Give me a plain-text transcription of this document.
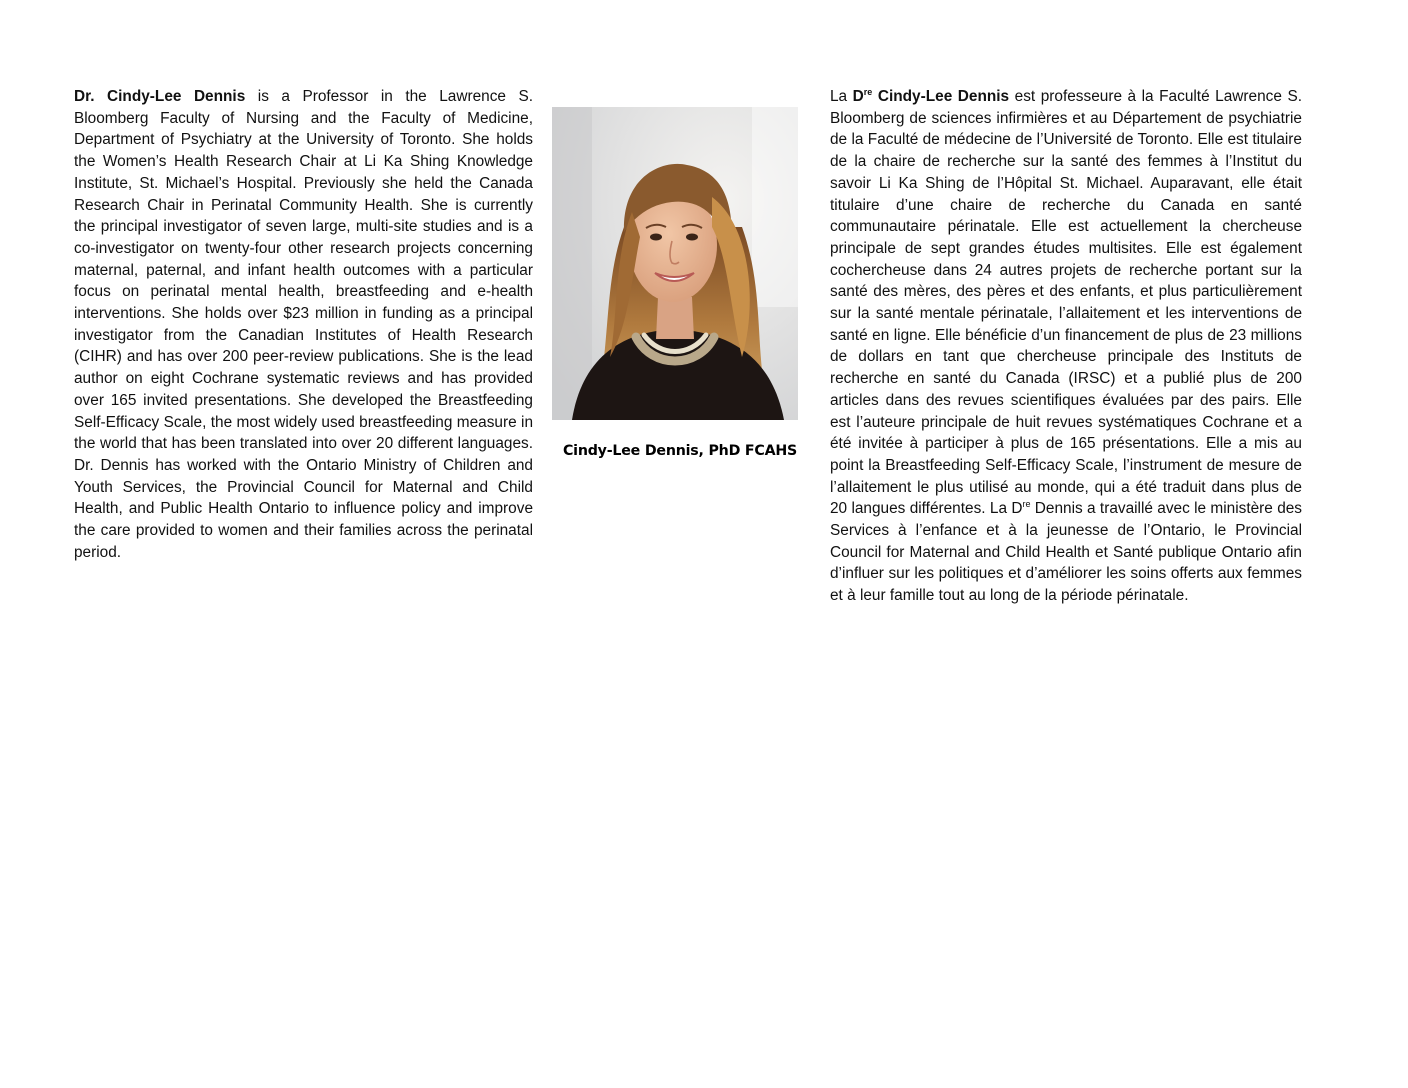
Dr. Cindy-Lee Dennis is a Professor in the Lawrence S. Bloomberg Faculty of Nursing and the Faculty of Medicine, Department of Psychiatry at the University of Toronto. She holds the Women’s Health Research Chair at Li Ka Shing Knowledge Institute, St. Michael’s Hospital. Previously she held the Canada Research Chair in Perinatal Community Health. She is currently the principal investigator of seven large, multi-site studies and is a co-investigator on twenty-four other research projects concerning maternal, paternal, and infant health outcomes with a particular focus on perinatal mental health, breastfeeding and e-health interventions. She holds over $23 million in funding as a principal investigator from the Canadian Institutes of Health Research (CIHR) and has over 200 peer-review publications. She is the lead author on eight Cochrane systematic reviews and has provided over 165 invited presentations. She developed the Breastfeeding Self-Efficacy Scale, the most widely used breastfeeding measure in the world that has been translated into over 20 different languages. Dr. Dennis has worked with the Ontario Ministry of Children and Youth Services, the Provincial Council for Maternal and Child Health, and Public Health Ontario to influence policy and improve the care provided to women and their families across the perinatal period.
Cindy-Lee Dennis, PhD FCAHS
La Dre Cindy-Lee Dennis est professeure à la Faculté Lawrence S. Bloomberg de sciences infirmières et au Département de psychiatrie de la Faculté de médecine de l’Université de Toronto. Elle est titulaire de la chaire de recherche sur la santé des femmes à l’Institut du savoir Li Ka Shing de l’Hôpital St. Michael. Auparavant, elle était titulaire d’une chaire de recherche du Canada en santé communautaire périnatale. Elle est actuellement la chercheuse principale de sept grandes études multisites. Elle est également cochercheuse dans 24 autres projets de recherche portant sur la santé des mères, des pères et des enfants, et plus particulièrement sur la santé mentale périnatale, l’allaitement et les interventions de santé en ligne. Elle bénéficie d’un financement de plus de 23 millions de dollars en tant que chercheuse principale des Instituts de recherche en santé du Canada (IRSC) et a publié plus de 200 articles dans des revues scientifiques évaluées par des pairs. Elle est l’auteure principale de huit revues systématiques Cochrane et a été invitée à participer à plus de 165 présentations. Elle a mis au point la Breastfeeding Self-Efficacy Scale, l’instrument de mesure de l’allaitement le plus utilisé au monde, qui a été traduit dans plus de 20 langues différentes. La Dre Dennis a travaillé avec le ministère des Services à l’enfance et à la jeunesse de l’Ontario, le Provincial Council for Maternal and Child Health et Santé publique Ontario afin d’influer sur les politiques et d’améliorer les soins offerts aux femmes et à leur famille tout au long de la période périnatale.
